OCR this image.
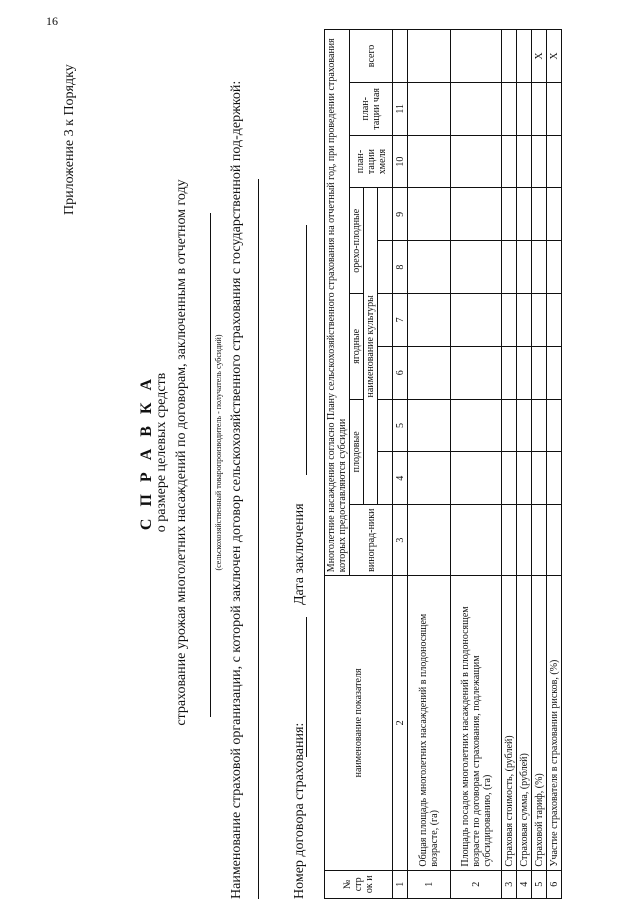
16
Приложение 3 к Порядку
С П Р А В К А о размере целевых средств страхование урожая многолетних насаждений по договорам, заключенным в отчетном году	(сельскохозяйственный товаропроизводитель - получатель субсидий) Наименование страховой организации, с которой заключен договор сельскохозяйственного страхования с государственной под-держкой:	Номер договора страхования:
Дата заключения
№ стр ок и	наименование показателя	Многолетние насаждения согласно Плану сельскохозяйственного страхования на отчетный год, при проведении страхования которых предоставляются субсидии									
		виноград-ники	плодовые		ягодные		орехо-плодные		план-тации хмеля	план-тации чая	всего
			наименование культуры								

1	2	3	4	5	6	7	8	9	10	11	
1	Общая площадь многолетних насаждений в плодоносящем возрасте, (га)										
2	Площадь посадок многолетних насаждений в плодоносящем возрасте по договорам страхования, подлежащим субсидированию, (га)										
3	Страховая стоимость, (рублей)										
4	Страховая сумма, (рублей)										
5	Страховой тариф, (%)										X
6	Участие страхователя в страховании рисков, (%)										X
